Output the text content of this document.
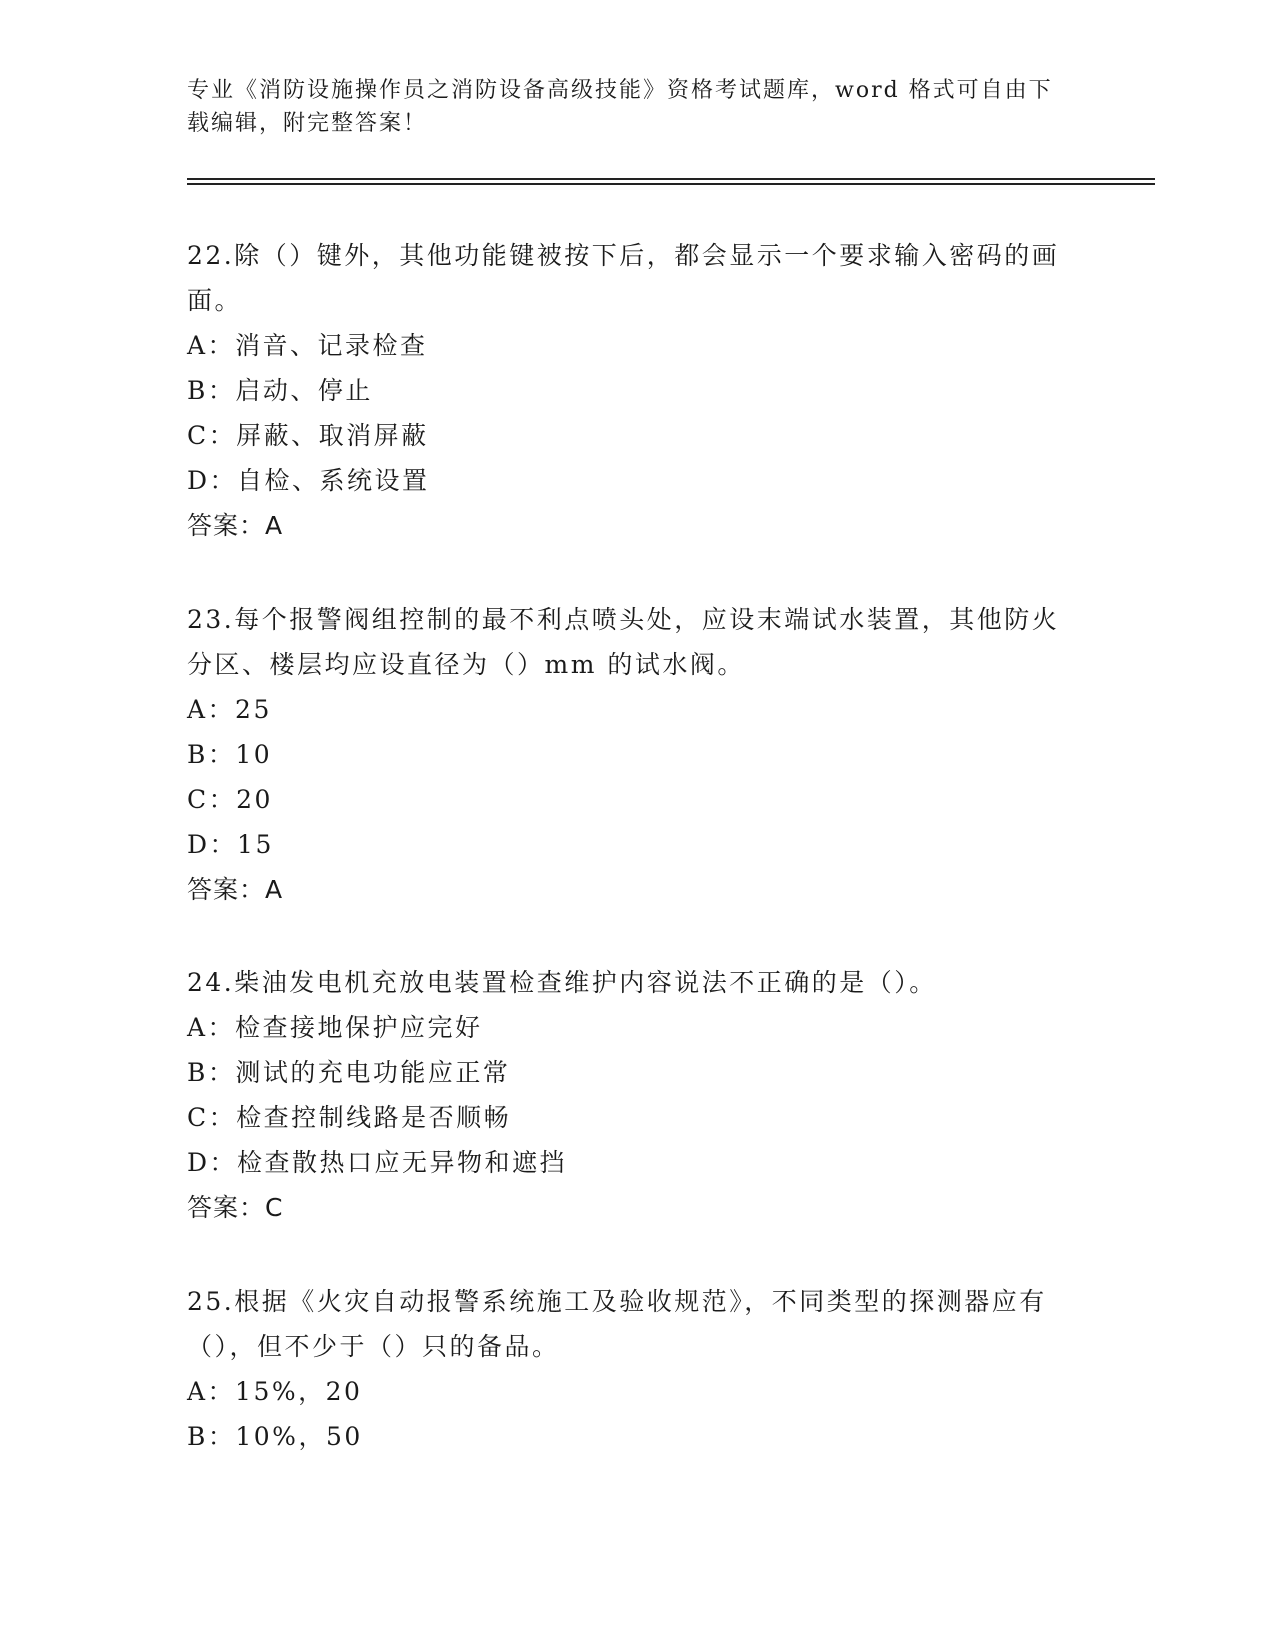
专业《消防设施操作员之消防设备高级技能》资格考试题库，word 格式可自由下载编辑，附完整答案！

22.除（）键外，其他功能键被按下后，都会显示一个要求输入密码的画面。

A：消音、记录检查

B：启动、停止

C：屏蔽、取消屏蔽

D：自检、系统设置

答案：A

23.每个报警阀组控制的最不利点喷头处，应设末端试水装置，其他防火分区、楼层均应设直径为（）mm 的试水阀。

A：25

B：10

C：20

D：15

答案：A

24.柴油发电机充放电装置检查维护内容说法不正确的是（）。

A：检查接地保护应完好

B：测试的充电功能应正常

C：检查控制线路是否顺畅

D：检查散热口应无异物和遮挡

答案：C

25.根据《火灾自动报警系统施工及验收规范》，不同类型的探测器应有（），但不少于（）只的备品。

A：15%，20

B：10%，50
